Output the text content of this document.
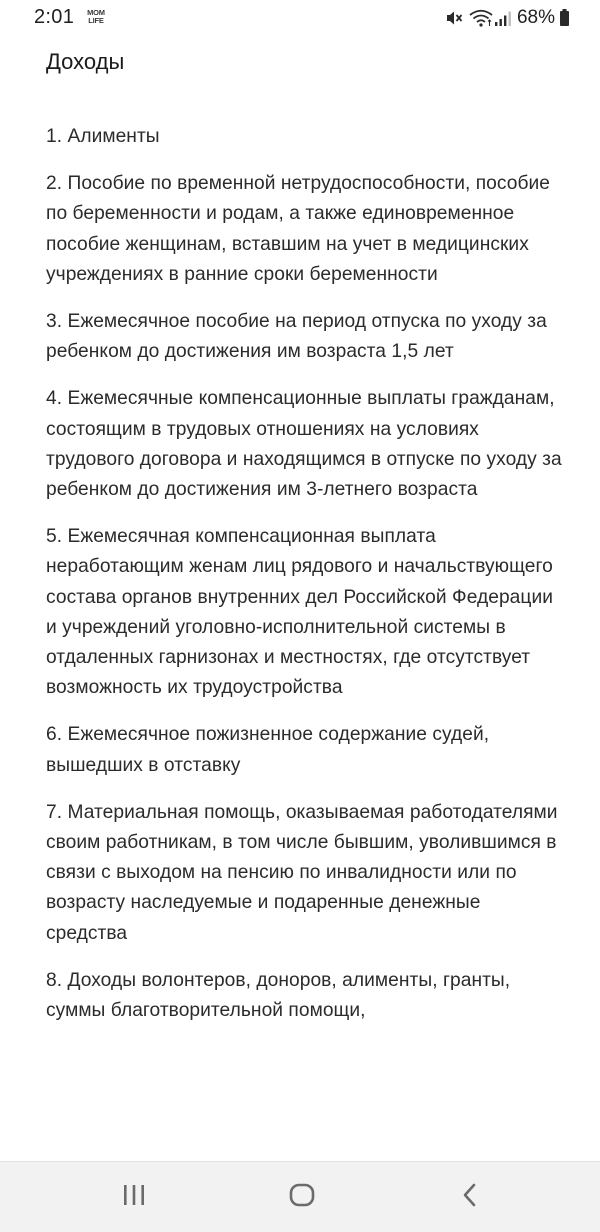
2:01 MOM
LIFE	68%
Доходы
1. Алименты
2. Пособие по временной нетрудоспособности, пособие по беременности и родам, а также единовременное пособие женщинам, вставшим на учет в медицинских учреждениях в ранние сроки беременности
3. Ежемесячное пособие на период отпуска по уходу за ребенком до достижения им возраста 1,5 лет
4. Ежемесячные компенсационные выплаты гражданам, состоящим в трудовых отношениях на условиях трудового договора и находящимся в отпуске по уходу за ребенком до достижения им 3-летнего возраста
5. Ежемесячная компенсационная выплата неработающим женам лиц рядового и начальствующего состава органов внутренних дел Российской Федерации и учреждений уголовно-исполнительной системы в отдаленных гарнизонах и местностях, где отсутствует возможность их трудоустройства
6. Ежемесячное пожизненное содержание судей, вышедших в отставку
7. Материальная помощь, оказываемая работодателями своим работникам, в том числе бывшим, уволившимся в связи с выходом на пенсию по инвалидности или по возрасту наследуемые и подаренные денежные средства
8. Доходы волонтеров, доноров, алименты, гранты, суммы благотворительной помощи,
